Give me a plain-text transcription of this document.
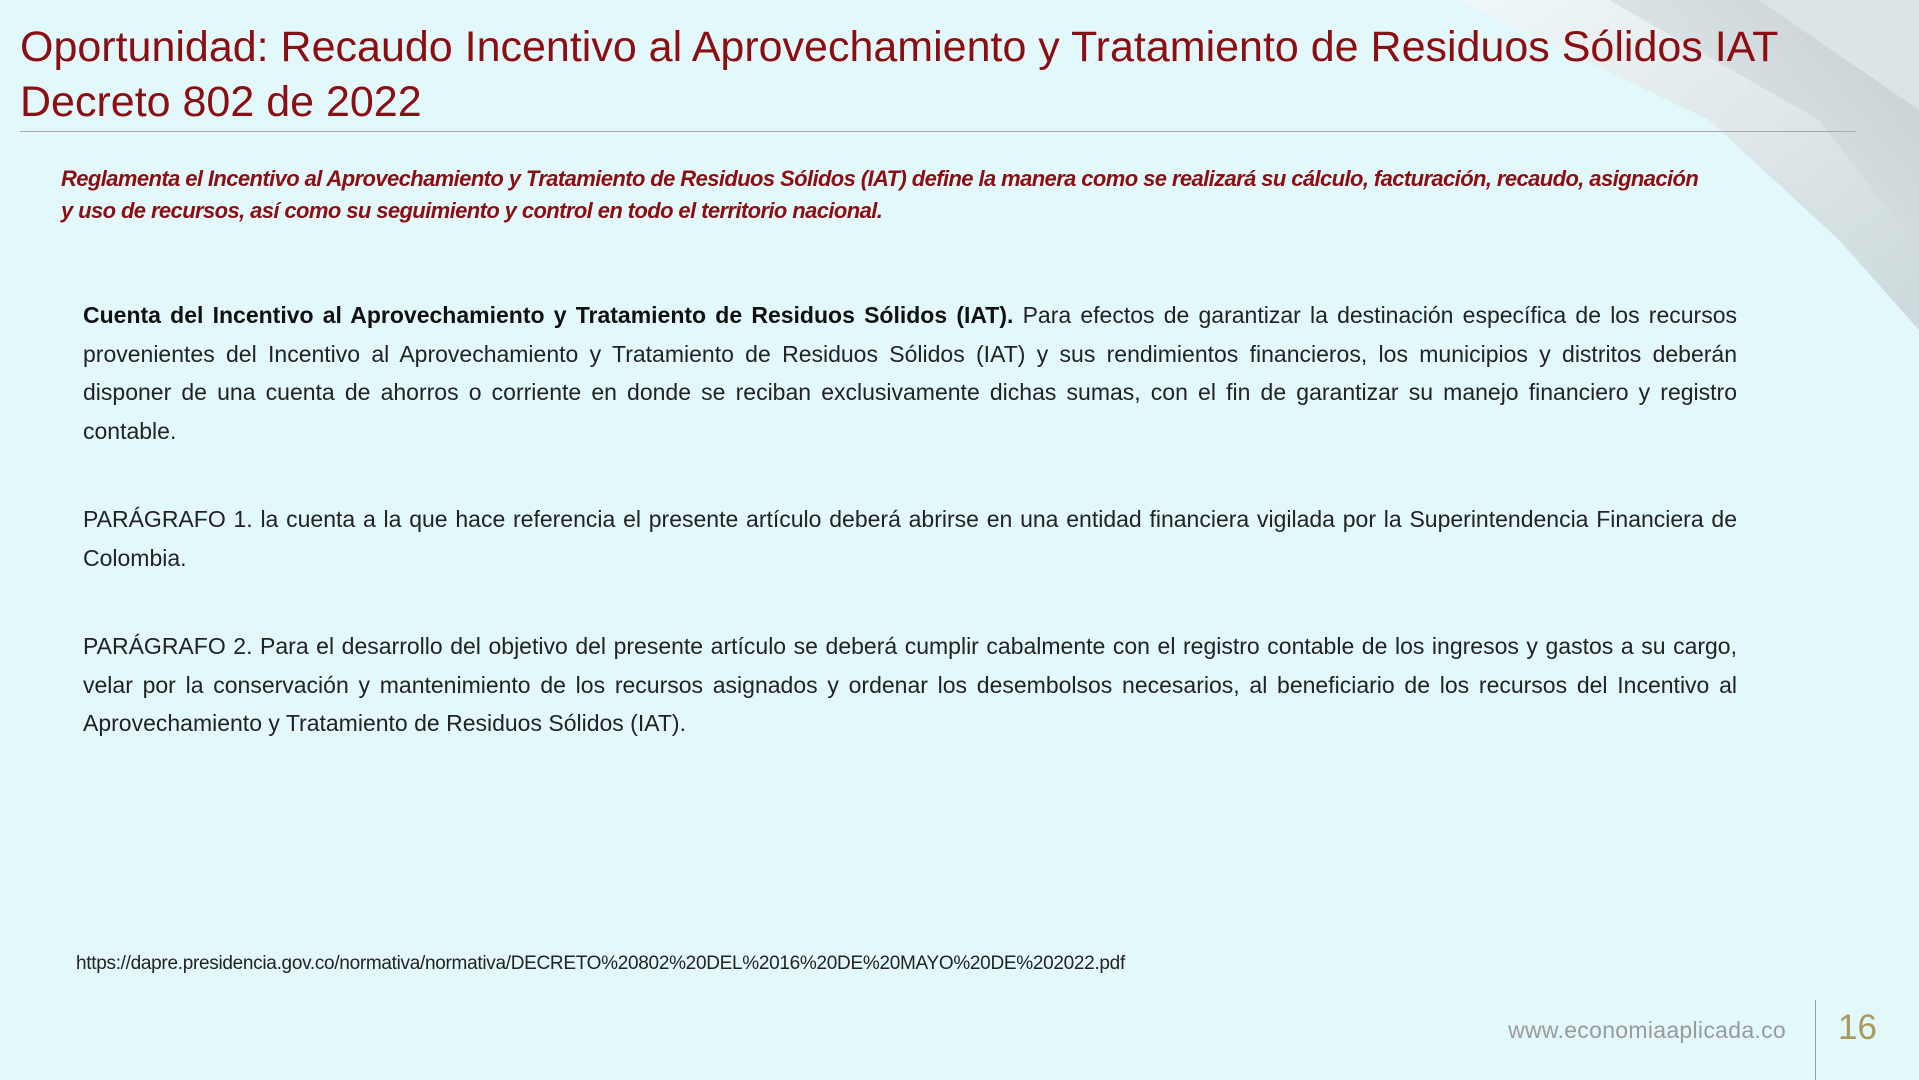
Oportunidad: Recaudo Incentivo al Aprovechamiento y Tratamiento de Residuos Sólidos IAT Decreto 802 de 2022

Reglamenta el Incentivo al Aprovechamiento y Tratamiento de Residuos Sólidos (IAT) define la manera como se realizará su cálculo, facturación, recaudo, asignación y uso de recursos, así como su seguimiento y control en todo el territorio nacional.

Cuenta del Incentivo al Aprovechamiento y Tratamiento de Residuos Sólidos (IAT). Para efectos de garantizar la destinación específica de los recursos provenientes del Incentivo al Aprovechamiento y Tratamiento de Residuos Sólidos (IAT) y sus rendimientos financieros, los municipios y distritos deberán disponer de una cuenta de ahorros o corriente en donde se reciban exclusivamente dichas sumas, con el fin de garantizar su manejo financiero y registro contable.

PARÁGRAFO 1. la cuenta a la que hace referencia el presente artículo deberá abrirse en una entidad financiera vigilada por la Superintendencia Financiera de Colombia.

PARÁGRAFO 2. Para el desarrollo del objetivo del presente artículo se deberá cumplir cabalmente con el registro contable de los ingresos y gastos a su cargo, velar por la conservación y mantenimiento de los recursos asignados y ordenar los desembolsos necesarios, al beneficiario de los recursos del Incentivo al Aprovechamiento y Tratamiento de Residuos Sólidos (IAT).

https://dapre.presidencia.gov.co/normativa/normativa/DECRETO%20802%20DEL%2016%20DE%20MAYO%20DE%202022.pdf
www.economiaaplicada.co 16
